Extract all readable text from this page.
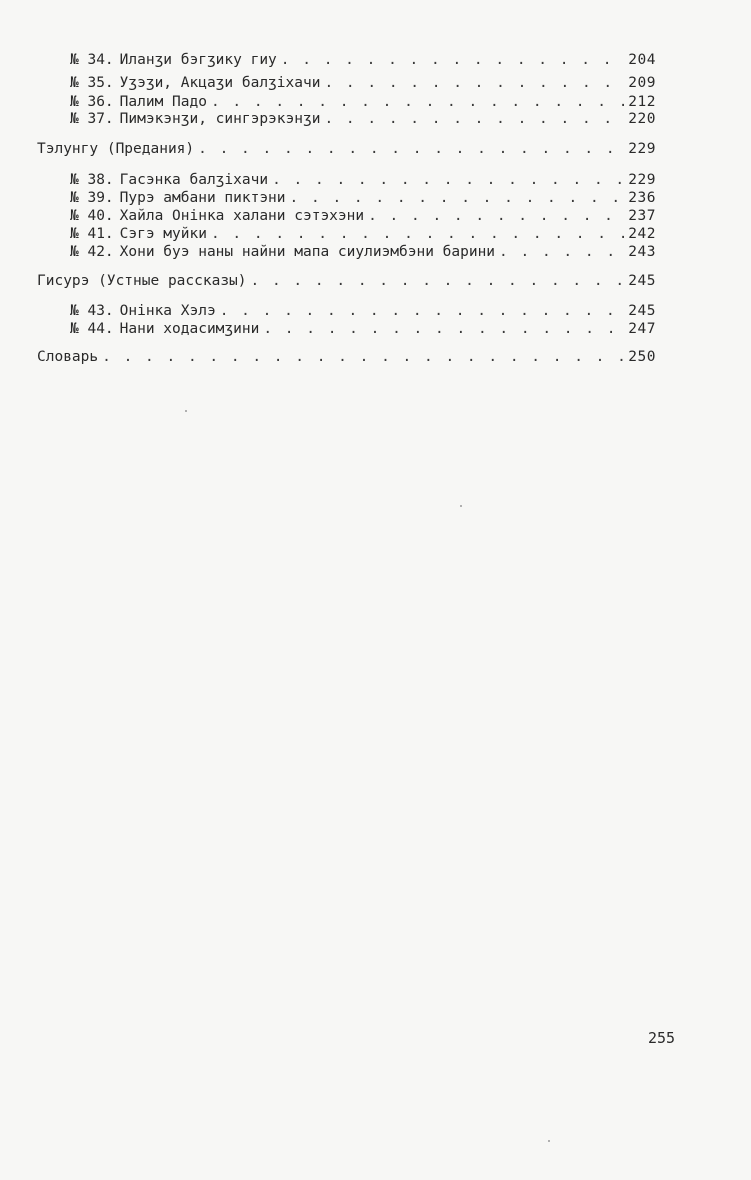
№ 34. Иланӡи бэгӡику гиу . . .	204
№ 35. Уӡэӡи, Акцаӡи балӡіхачи . . .	209
№ 36. Палим Падо . . .	212
№ 37. Пимэкэнӡи, сингэрэкэнӡи . . .	220
Тэлунгу (Предания) . . .	229
№ 38. Гасэнка балӡіхачи . . .	229
№ 39. Пурэ амбани пиктэни . . .	236
№ 40. Хайла Онінка халани сэтэхэни . . .	237
№ 41. Сэгэ муйки . . .	242
№ 42. Хони буэ наны найни мапа сиулиэмбэни барини . . .	243
Гисурэ (Устные рассказы) . . .	245
№ 43. Онінка Хэлэ . . .	245
№ 44. Нани ходасимӡини . . .	247
Словарь . . .	250
255
